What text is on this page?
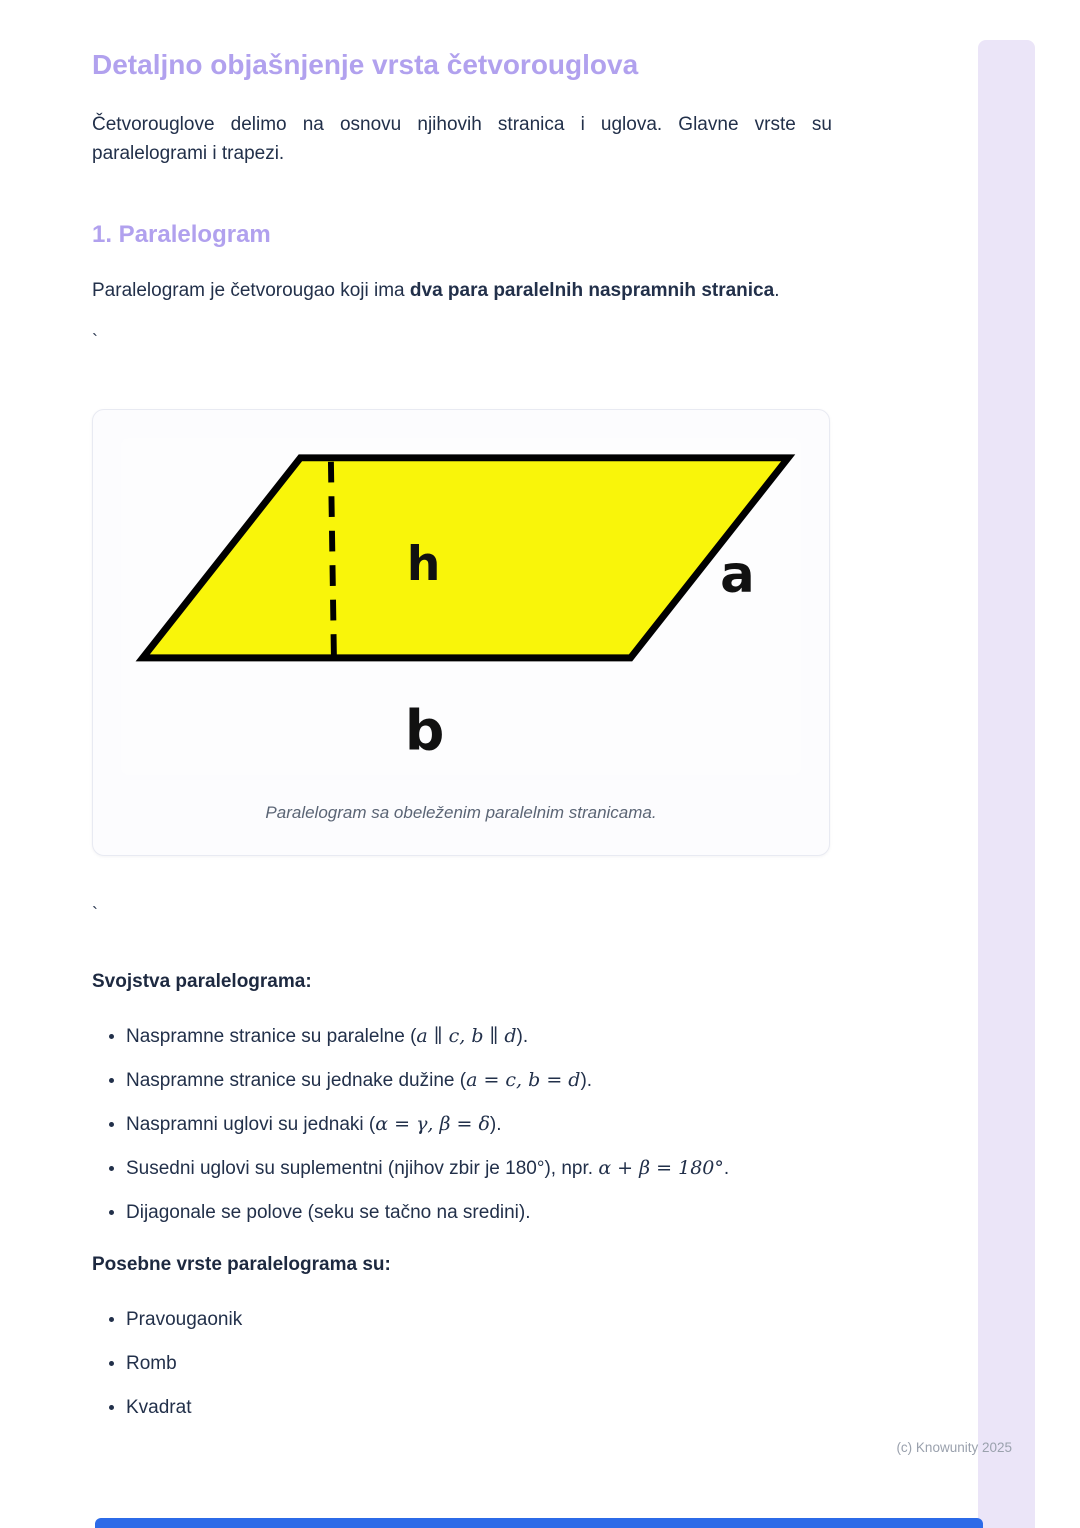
Detaljno objašnjenje vrsta četvorouglova

Četvorouglove delimo na osnovu njihovih stranica i uglova. Glavne vrste su paralelogrami i trapezi.

1. Paralelogram

Paralelogram je četvorougao koji ima dva para paralelnih naspramnih stranica.

`
h	a
b
Paralelogram sa obeleženim paralelnim stranicama.
`

Svojstva paralelograma:

• Naspramne stranice su paralelne (a ∥ c, b ∥ d).
• Naspramne stranice su jednake dužine (a = c, b = d).
• Naspramni uglovi su jednaki (α = γ, β = δ).
• Susedni uglovi su suplementni (njihov zbir je 180°), npr. α + β = 180°.
• Dijagonale se polove (seku se tačno na sredini).

Posebne vrste paralelograma su:

• Pravougaonik
• Romb
• Kvadrat
(c) Knowunity 2025
